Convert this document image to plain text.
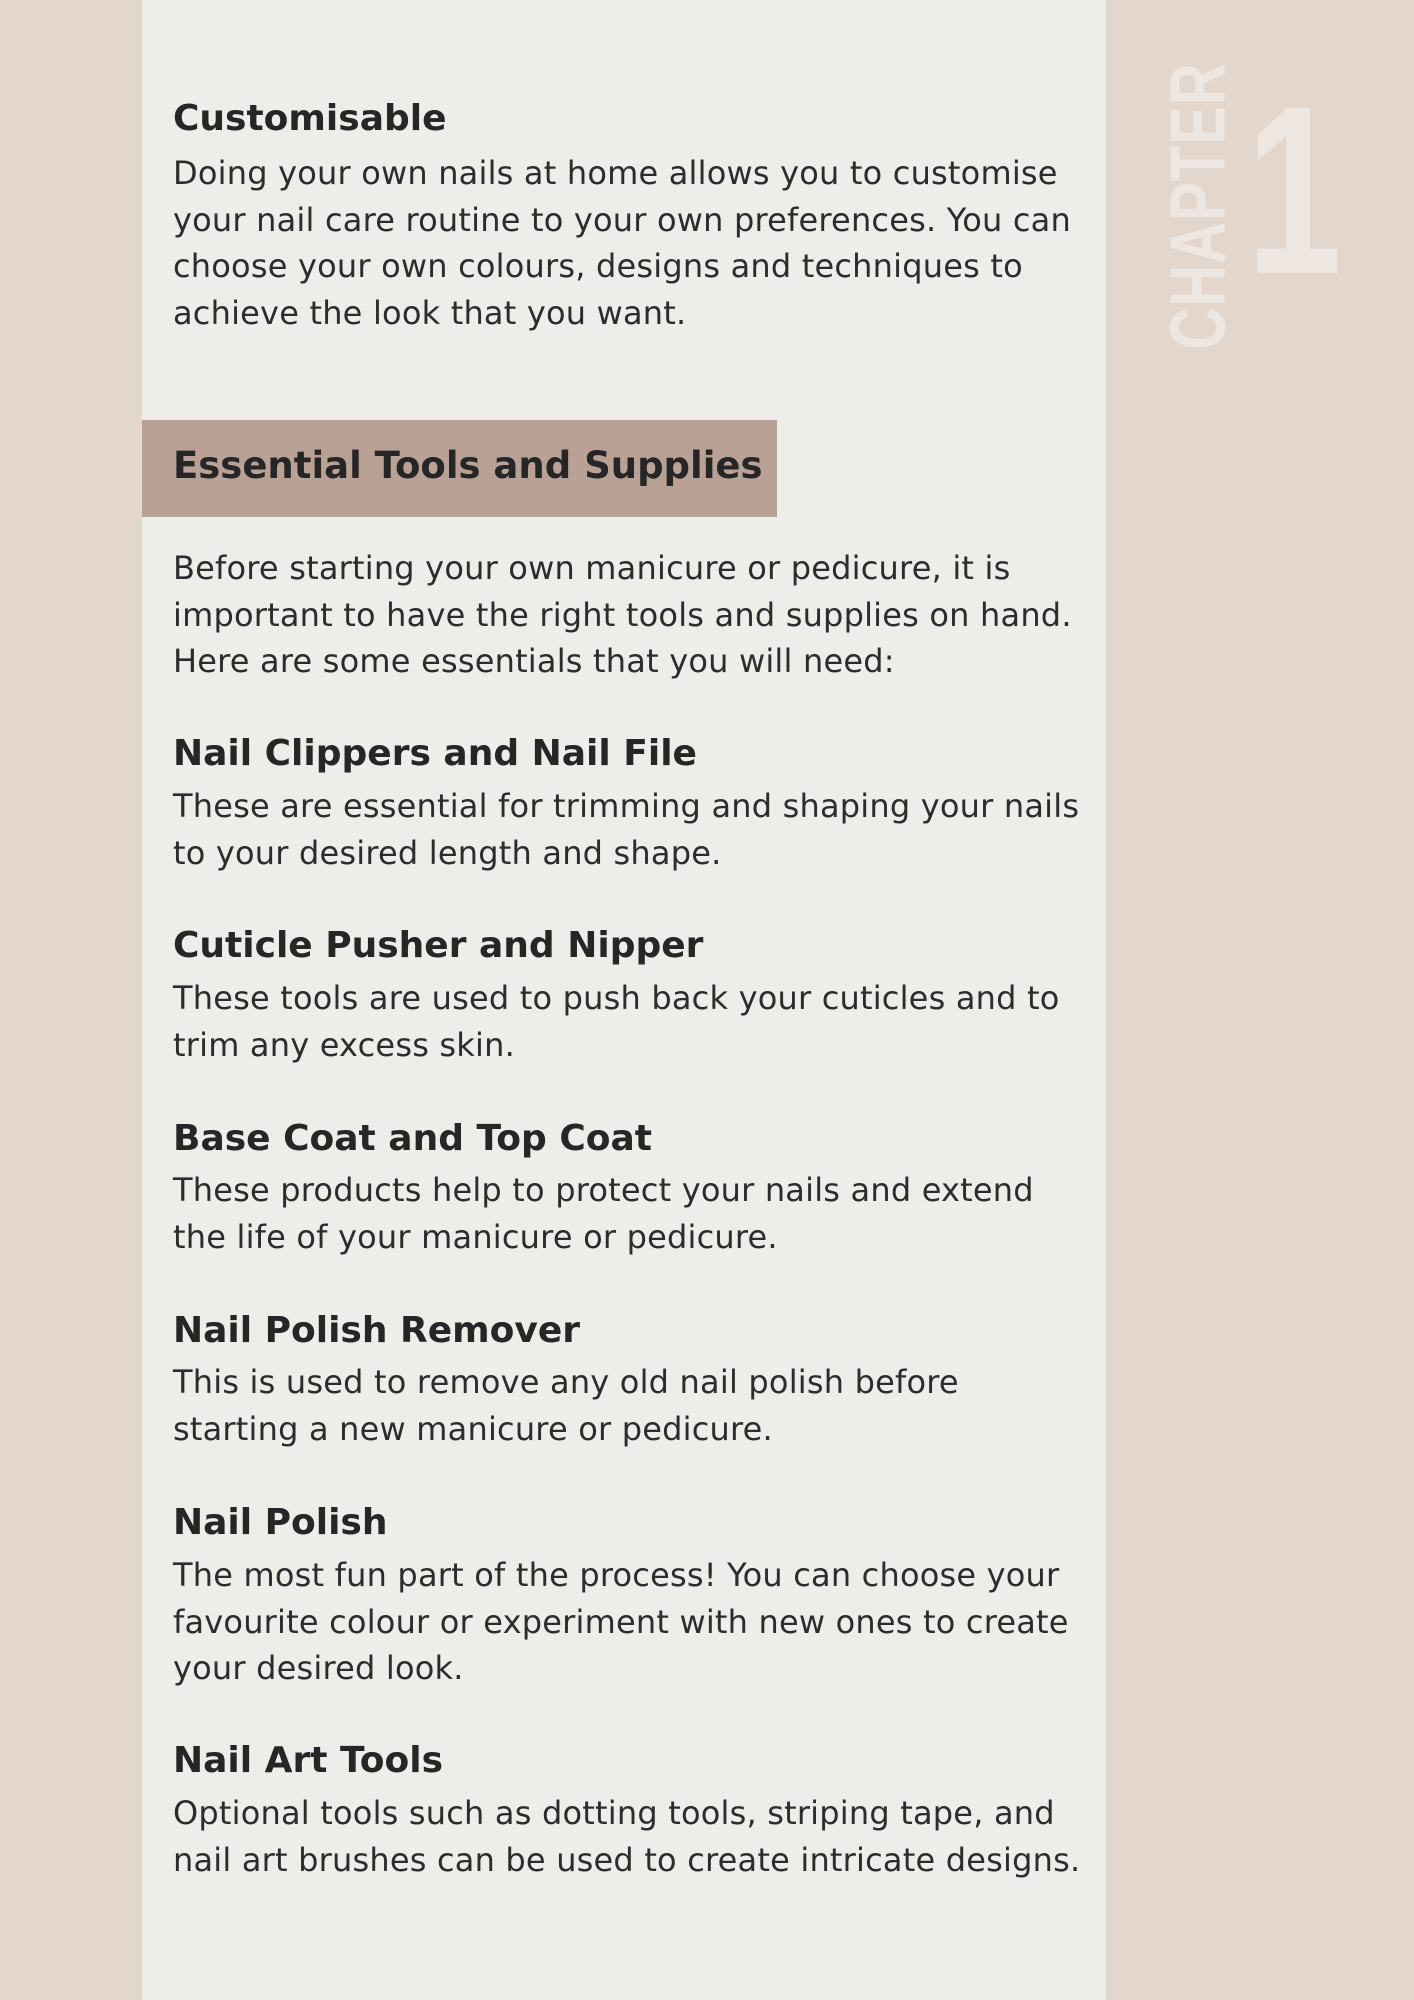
CHAPTER 1
Customisable

Doing your own nails at home allows you to customise your nail care routine to your own preferences. You can choose your own colours, designs and techniques to achieve the look that you want.

Essential Tools and Supplies

Before starting your own manicure or pedicure, it is important to have the right tools and supplies on hand. Here are some essentials that you will need:

Nail Clippers and Nail File

These are essential for trimming and shaping your nails to your desired length and shape.

Cuticle Pusher and Nipper

These tools are used to push back your cuticles and to trim any excess skin.

Base Coat and Top Coat

These products help to protect your nails and extend the life of your manicure or pedicure.

Nail Polish Remover

This is used to remove any old nail polish before starting a new manicure or pedicure.

Nail Polish

The most fun part of the process! You can choose your favourite colour or experiment with new ones to create your desired look.

Nail Art Tools

Optional tools such as dotting tools, striping tape, and nail art brushes can be used to create intricate designs.
